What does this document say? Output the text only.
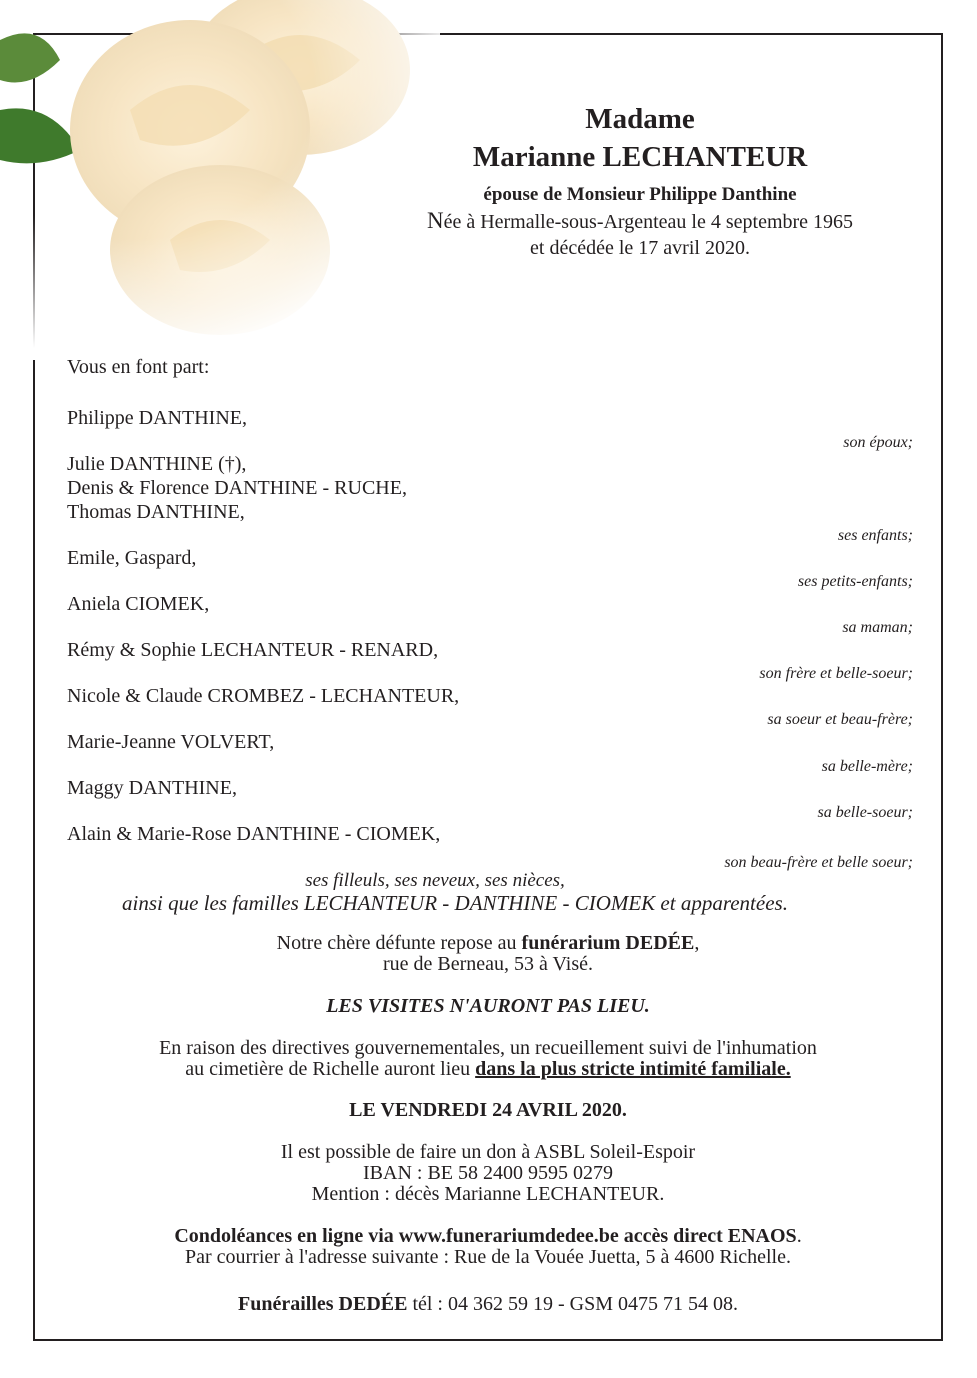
Madame
Marianne LECHANTEUR
épouse de Monsieur Philippe Danthine
Née à Hermalle-sous-Argenteau le 4 septembre 1965
et décédée le 17 avril 2020.
Vous en font part:
Philippe DANTHINE,
son époux;
Julie DANTHINE (†),
Denis & Florence DANTHINE - RUCHE,
Thomas DANTHINE,
ses enfants;
Emile, Gaspard,
ses petits-enfants;
Aniela CIOMEK,
sa maman;
Rémy & Sophie LECHANTEUR - RENARD,
son frère et belle-soeur;
Nicole & Claude CROMBEZ - LECHANTEUR,
sa soeur et beau-frère;
Marie-Jeanne VOLVERT,
sa belle-mère;
Maggy DANTHINE,
sa belle-soeur;
Alain & Marie-Rose DANTHINE - CIOMEK,
son beau-frère et belle soeur;
ses filleuls, ses neveux, ses nièces,
ainsi que les familles LECHANTEUR - DANTHINE - CIOMEK et apparentées.
Notre chère défunte repose au funérarium DEDÉE,
rue de Berneau, 53 à Visé.
LES VISITES N'AURONT PAS LIEU.
En raison des directives gouvernementales, un recueillement suivi de l'inhumation
au cimetière de Richelle auront lieu dans la plus stricte intimité familiale.
LE VENDREDI 24 AVRIL 2020.
Il est possible de faire un don à ASBL Soleil-Espoir
IBAN : BE 58 2400 9595 0279
Mention : décès Marianne LECHANTEUR.
Condoléances en ligne via www.funerariumdedee.be accès direct ENAOS.
Par courrier à l'adresse suivante : Rue de la Vouée Juetta, 5 à 4600 Richelle.
Funérailles DEDÉE tél : 04 362 59 19 - GSM 0475 71 54 08.
